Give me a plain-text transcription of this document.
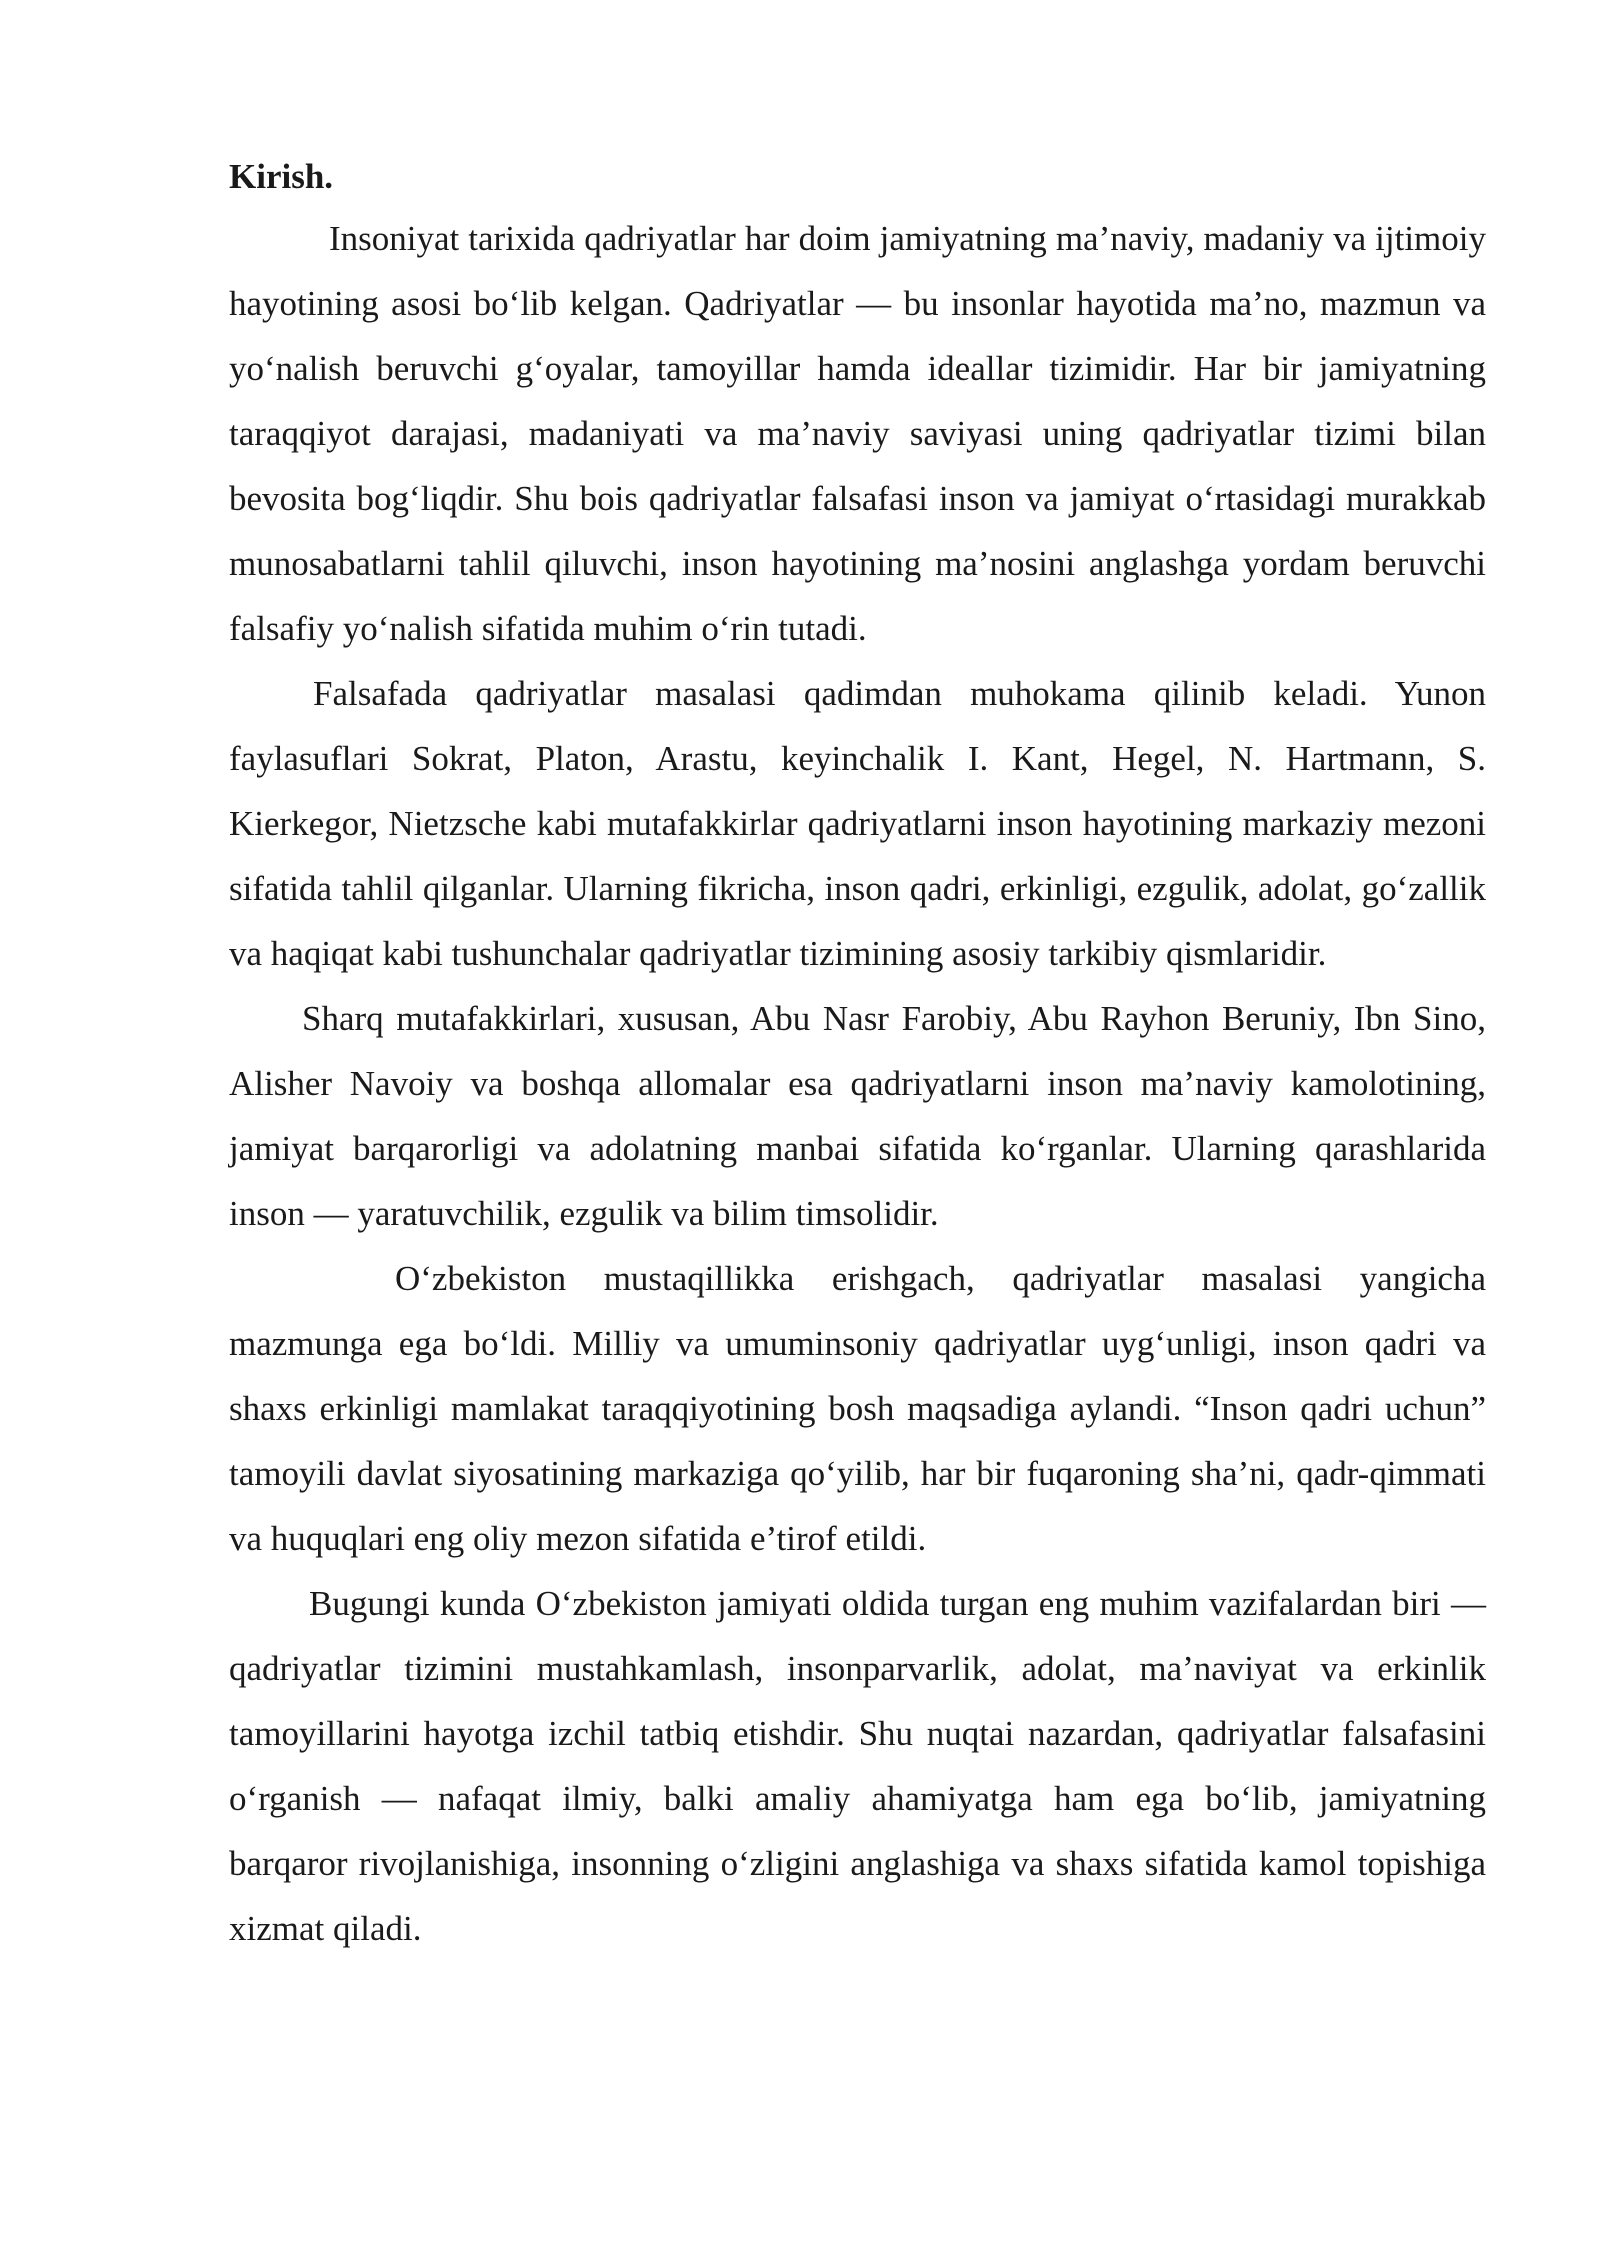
Kirish.

Insoniyat tarixida qadriyatlar har doim jamiyatning ma’naviy, madaniy va ijtimoiy hayotining asosi bo‘lib kelgan. Qadriyatlar — bu insonlar hayotida ma’no, mazmun va yo‘nalish beruvchi g‘oyalar, tamoyillar hamda ideallar tizimidir. Har bir jamiyatning taraqqiyot darajasi, madaniyati va ma’naviy saviyasi uning qadriyatlar tizimi bilan bevosita bog‘liqdir. Shu bois qadriyatlar falsafasi inson va jamiyat o‘rtasidagi murakkab munosabatlarni tahlil qiluvchi, inson hayotining ma’nosini anglashga yordam beruvchi falsafiy yo‘nalish sifatida muhim o‘rin tutadi.

Falsafada qadriyatlar masalasi qadimdan muhokama qilinib keladi. Yunon faylasuflari Sokrat, Platon, Arastu, keyinchalik I. Kant, Hegel, N. Hartmann, S. Kierkegor, Nietzsche kabi mutafakkirlar qadriyatlarni inson hayotining markaziy mezoni sifatida tahlil qilganlar. Ularning fikricha, inson qadri, erkinligi, ezgulik, adolat, go‘zallik va haqiqat kabi tushunchalar qadriyatlar tizimining asosiy tarkibiy qismlaridir.

Sharq mutafakkirlari, xususan, Abu Nasr Farobiy, Abu Rayhon Beruniy, Ibn Sino, Alisher Navoiy va boshqa allomalar esa qadriyatlarni inson ma’naviy kamolotining, jamiyat barqarorligi va adolatning manbai sifatida ko‘rganlar. Ularning qarashlarida inson — yaratuvchilik, ezgulik va bilim timsolidir.

O‘zbekiston mustaqillikka erishgach, qadriyatlar masalasi yangicha mazmunga ega bo‘ldi. Milliy va umuminsoniy qadriyatlar uyg‘unligi, inson qadri va shaxs erkinligi mamlakat taraqqiyotining bosh maqsadiga aylandi. “Inson qadri uchun” tamoyili davlat siyosatining markaziga qo‘yilib, har bir fuqaroning sha’ni, qadr-qimmati va huquqlari eng oliy mezon sifatida e’tirof etildi.

Bugungi kunda O‘zbekiston jamiyati oldida turgan eng muhim vazifalardan biri — qadriyatlar tizimini mustahkamlash, insonparvarlik, adolat, ma’naviyat va erkinlik tamoyillarini hayotga izchil tatbiq etishdir. Shu nuqtai nazardan, qadriyatlar falsafasini o‘rganish — nafaqat ilmiy, balki amaliy ahamiyatga ham ega bo‘lib, jamiyatning barqaror rivojlanishiga, insonning o‘zligini anglashiga va shaxs sifatida kamol topishiga xizmat qiladi.
